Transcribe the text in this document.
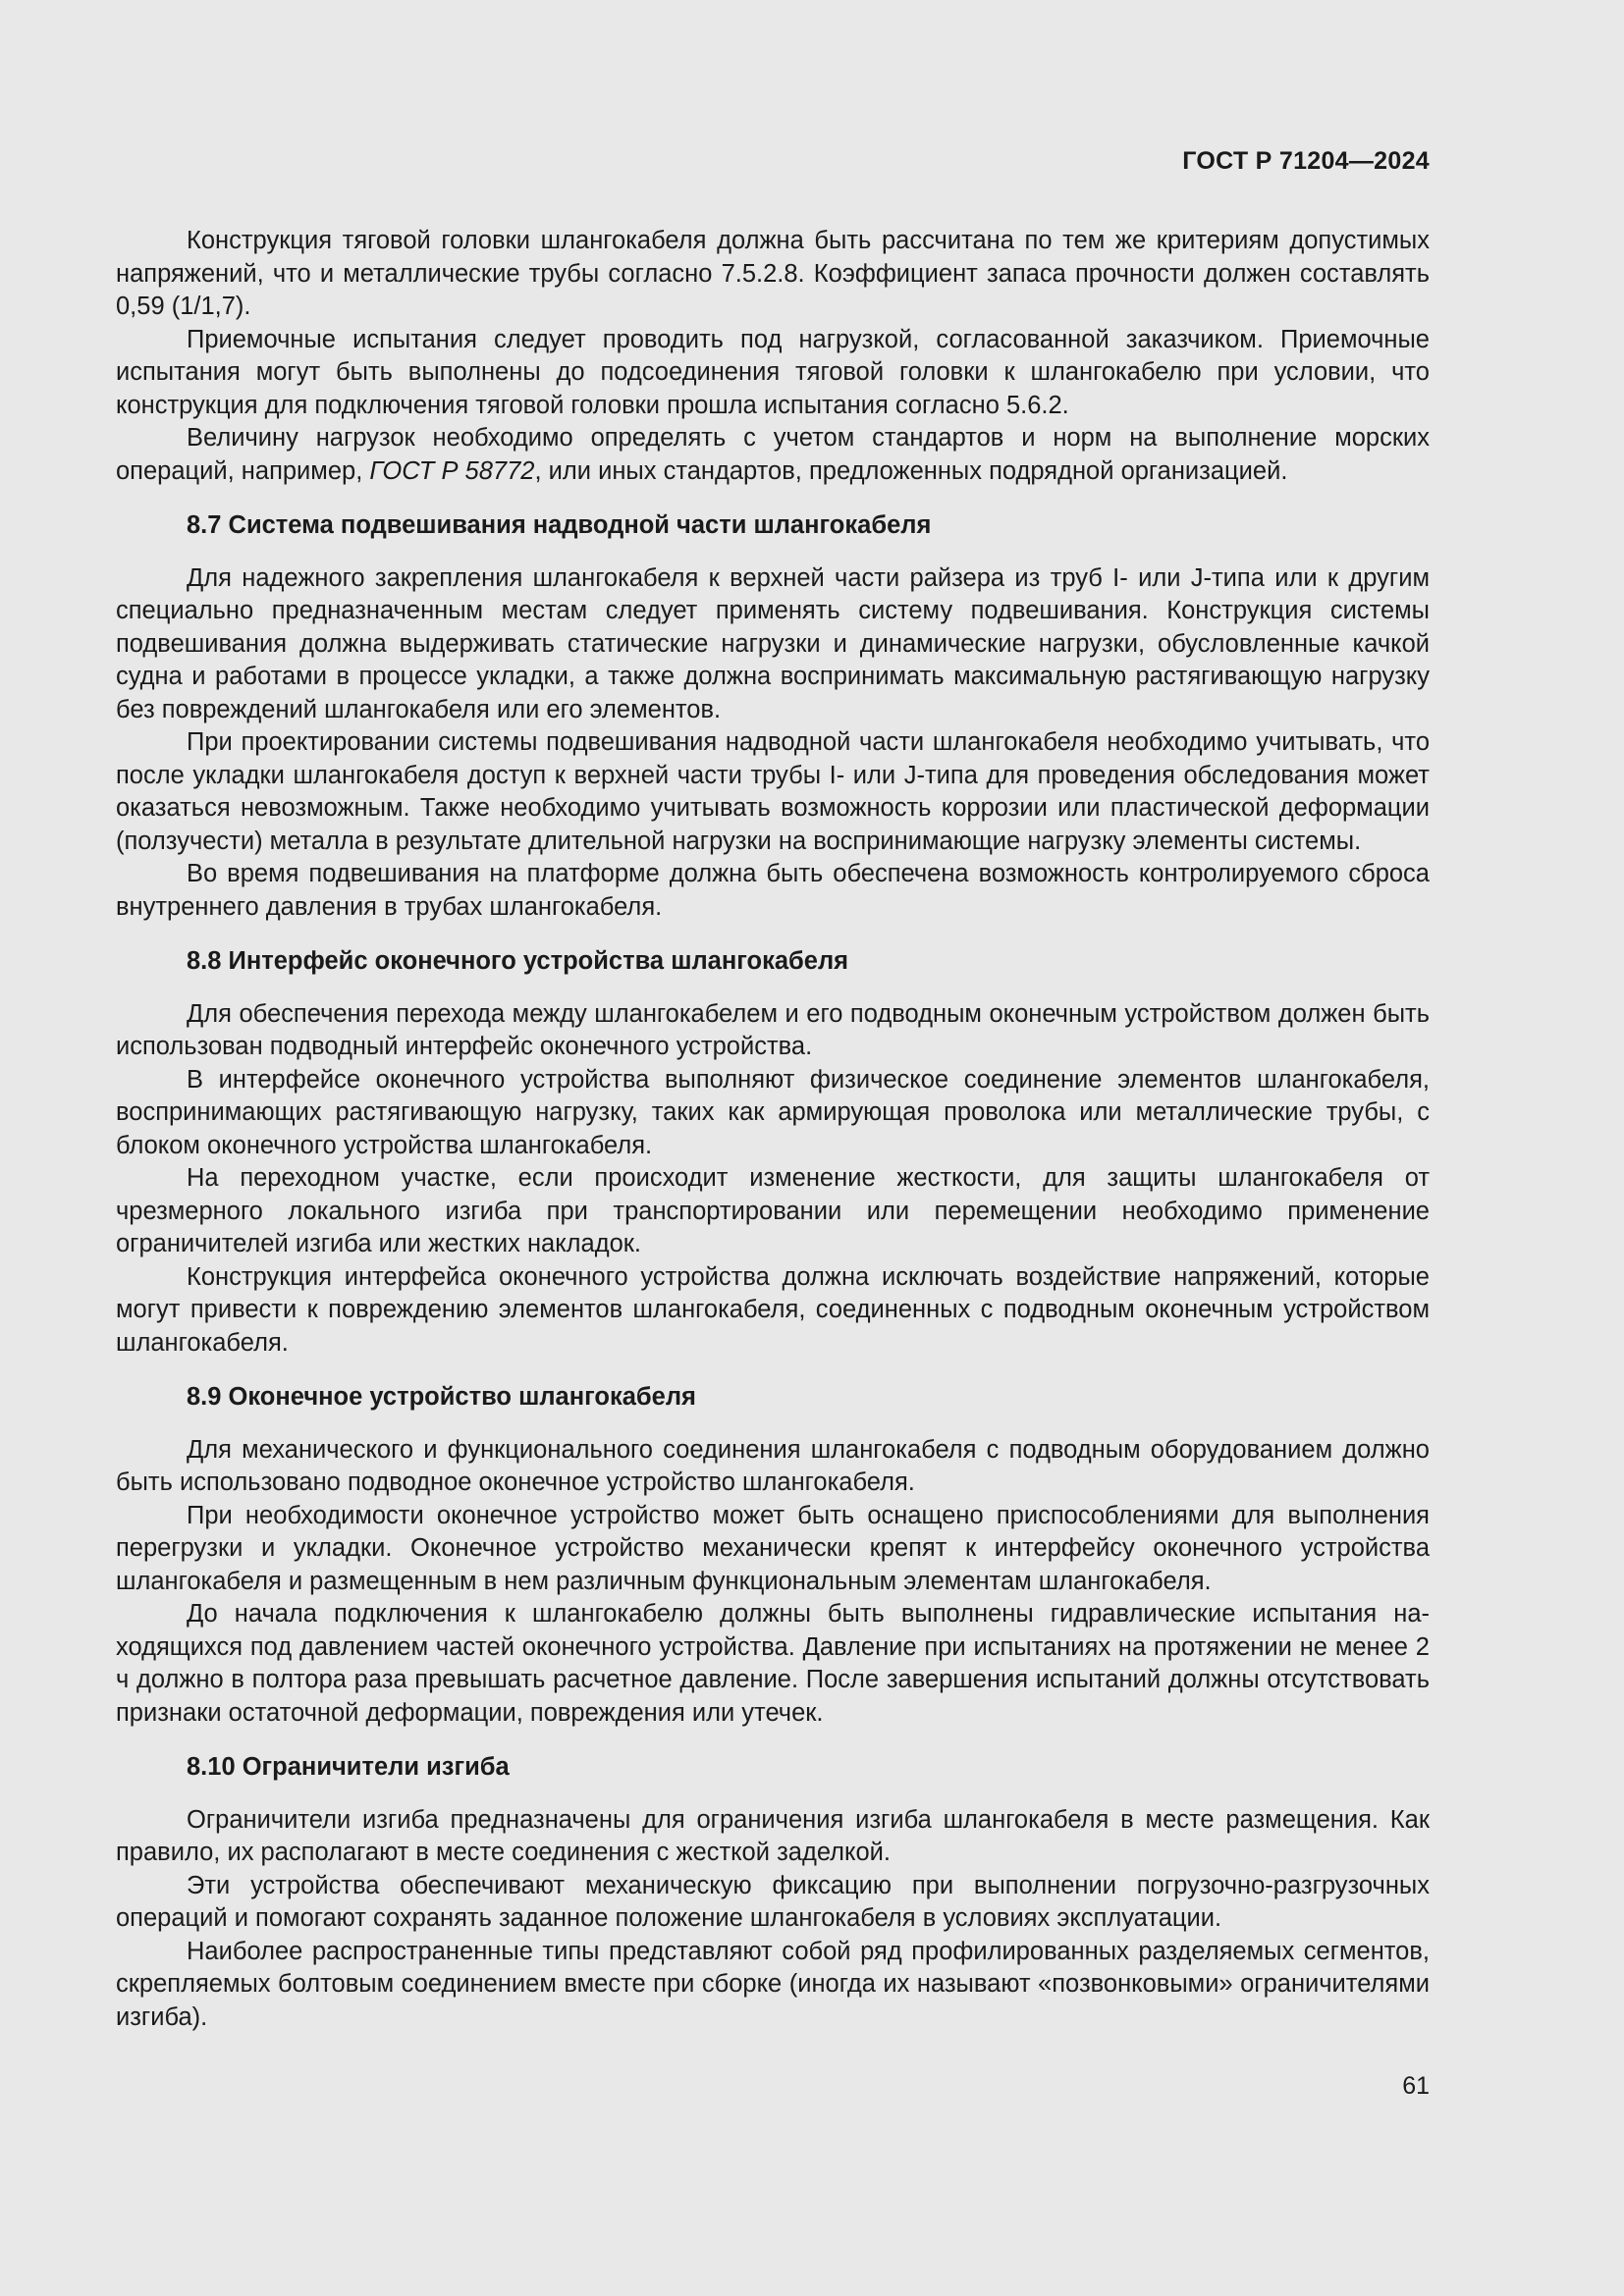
ГОСТ Р 71204—2024

Конструкция тяговой головки шлангокабеля должна быть рассчитана по тем же критериям допустимых напряжений, что и металлические трубы согласно 7.5.2.8. Коэффициент запаса прочности должен составлять 0,59 (1/1,7).

Приемочные испытания следует проводить под нагрузкой, согласованной заказчиком. Приемочные испытания могут быть выполнены до подсоединения тяговой головки к шлангокабелю при условии, что конструкция для подключения тяговой головки прошла испытания согласно 5.6.2.

Величину нагрузок необходимо определять с учетом стандартов и норм на выполнение морских операций, например, ГОСТ Р 58772, или иных стандартов, предложенных подрядной организацией.

8.7 Система подвешивания надводной части шлангокабеля

Для надежного закрепления шлангокабеля к верхней части райзера из труб I- или J-типа или к другим специально предназначенным местам следует применять систему подвешивания. Конструкция системы подвешивания должна выдерживать статические нагрузки и динамические нагрузки, обусловленные качкой судна и работами в процессе укладки, а также должна воспринимать максимальную растягивающую нагрузку без повреждений шлангокабеля или его элементов.

При проектировании системы подвешивания надводной части шлангокабеля необходимо учитывать, что после укладки шлангокабеля доступ к верхней части трубы I- или J-типа для проведения обследования может оказаться невозможным. Также необходимо учитывать возможность коррозии или пластической деформации (ползучести) металла в результате длительной нагрузки на воспринимающие нагрузку элементы системы.

Во время подвешивания на платформе должна быть обеспечена возможность контролируемого сброса внутреннего давления в трубах шлангокабеля.

8.8 Интерфейс оконечного устройства шлангокабеля

Для обеспечения перехода между шлангокабелем и его подводным оконечным устройством должен быть использован подводный интерфейс оконечного устройства.

В интерфейсе оконечного устройства выполняют физическое соединение элементов шлангокабеля, воспринимающих растягивающую нагрузку, таких как армирующая проволока или металлические трубы, с блоком оконечного устройства шлангокабеля.

На переходном участке, если происходит изменение жесткости, для защиты шлангокабеля от чрезмерного локального изгиба при транспортировании или перемещении необходимо применение ограничителей изгиба или жестких накладок.

Конструкция интерфейса оконечного устройства должна исключать воздействие напряжений, которые могут привести к повреждению элементов шлангокабеля, соединенных с подводным оконечным устройством шлангокабеля.

8.9 Оконечное устройство шлангокабеля

Для механического и функционального соединения шлангокабеля с подводным оборудованием должно быть использовано подводное оконечное устройство шлангокабеля.

При необходимости оконечное устройство может быть оснащено приспособлениями для выполнения перегрузки и укладки. Оконечное устройство механически крепят к интерфейсу оконечного устройства шлангокабеля и размещенным в нем различным функциональным элементам шлангокабеля.

До начала подключения к шлангокабелю должны быть выполнены гидравлические испытания находящихся под давлением частей оконечного устройства. Давление при испытаниях на протяжении не менее 2 ч должно в полтора раза превышать расчетное давление. После завершения испытаний должны отсутствовать признаки остаточной деформации, повреждения или утечек.

8.10 Ограничители изгиба

Ограничители изгиба предназначены для ограничения изгиба шлангокабеля в месте размещения. Как правило, их располагают в месте соединения с жесткой заделкой.

Эти устройства обеспечивают механическую фиксацию при выполнении погрузочно-разгрузочных операций и помогают сохранять заданное положение шлангокабеля в условиях эксплуатации.

Наиболее распространенные типы представляют собой ряд профилированных разделяемых сегментов, скрепляемых болтовым соединением вместе при сборке (иногда их называют «позвонковыми» ограничителями изгиба).

61
